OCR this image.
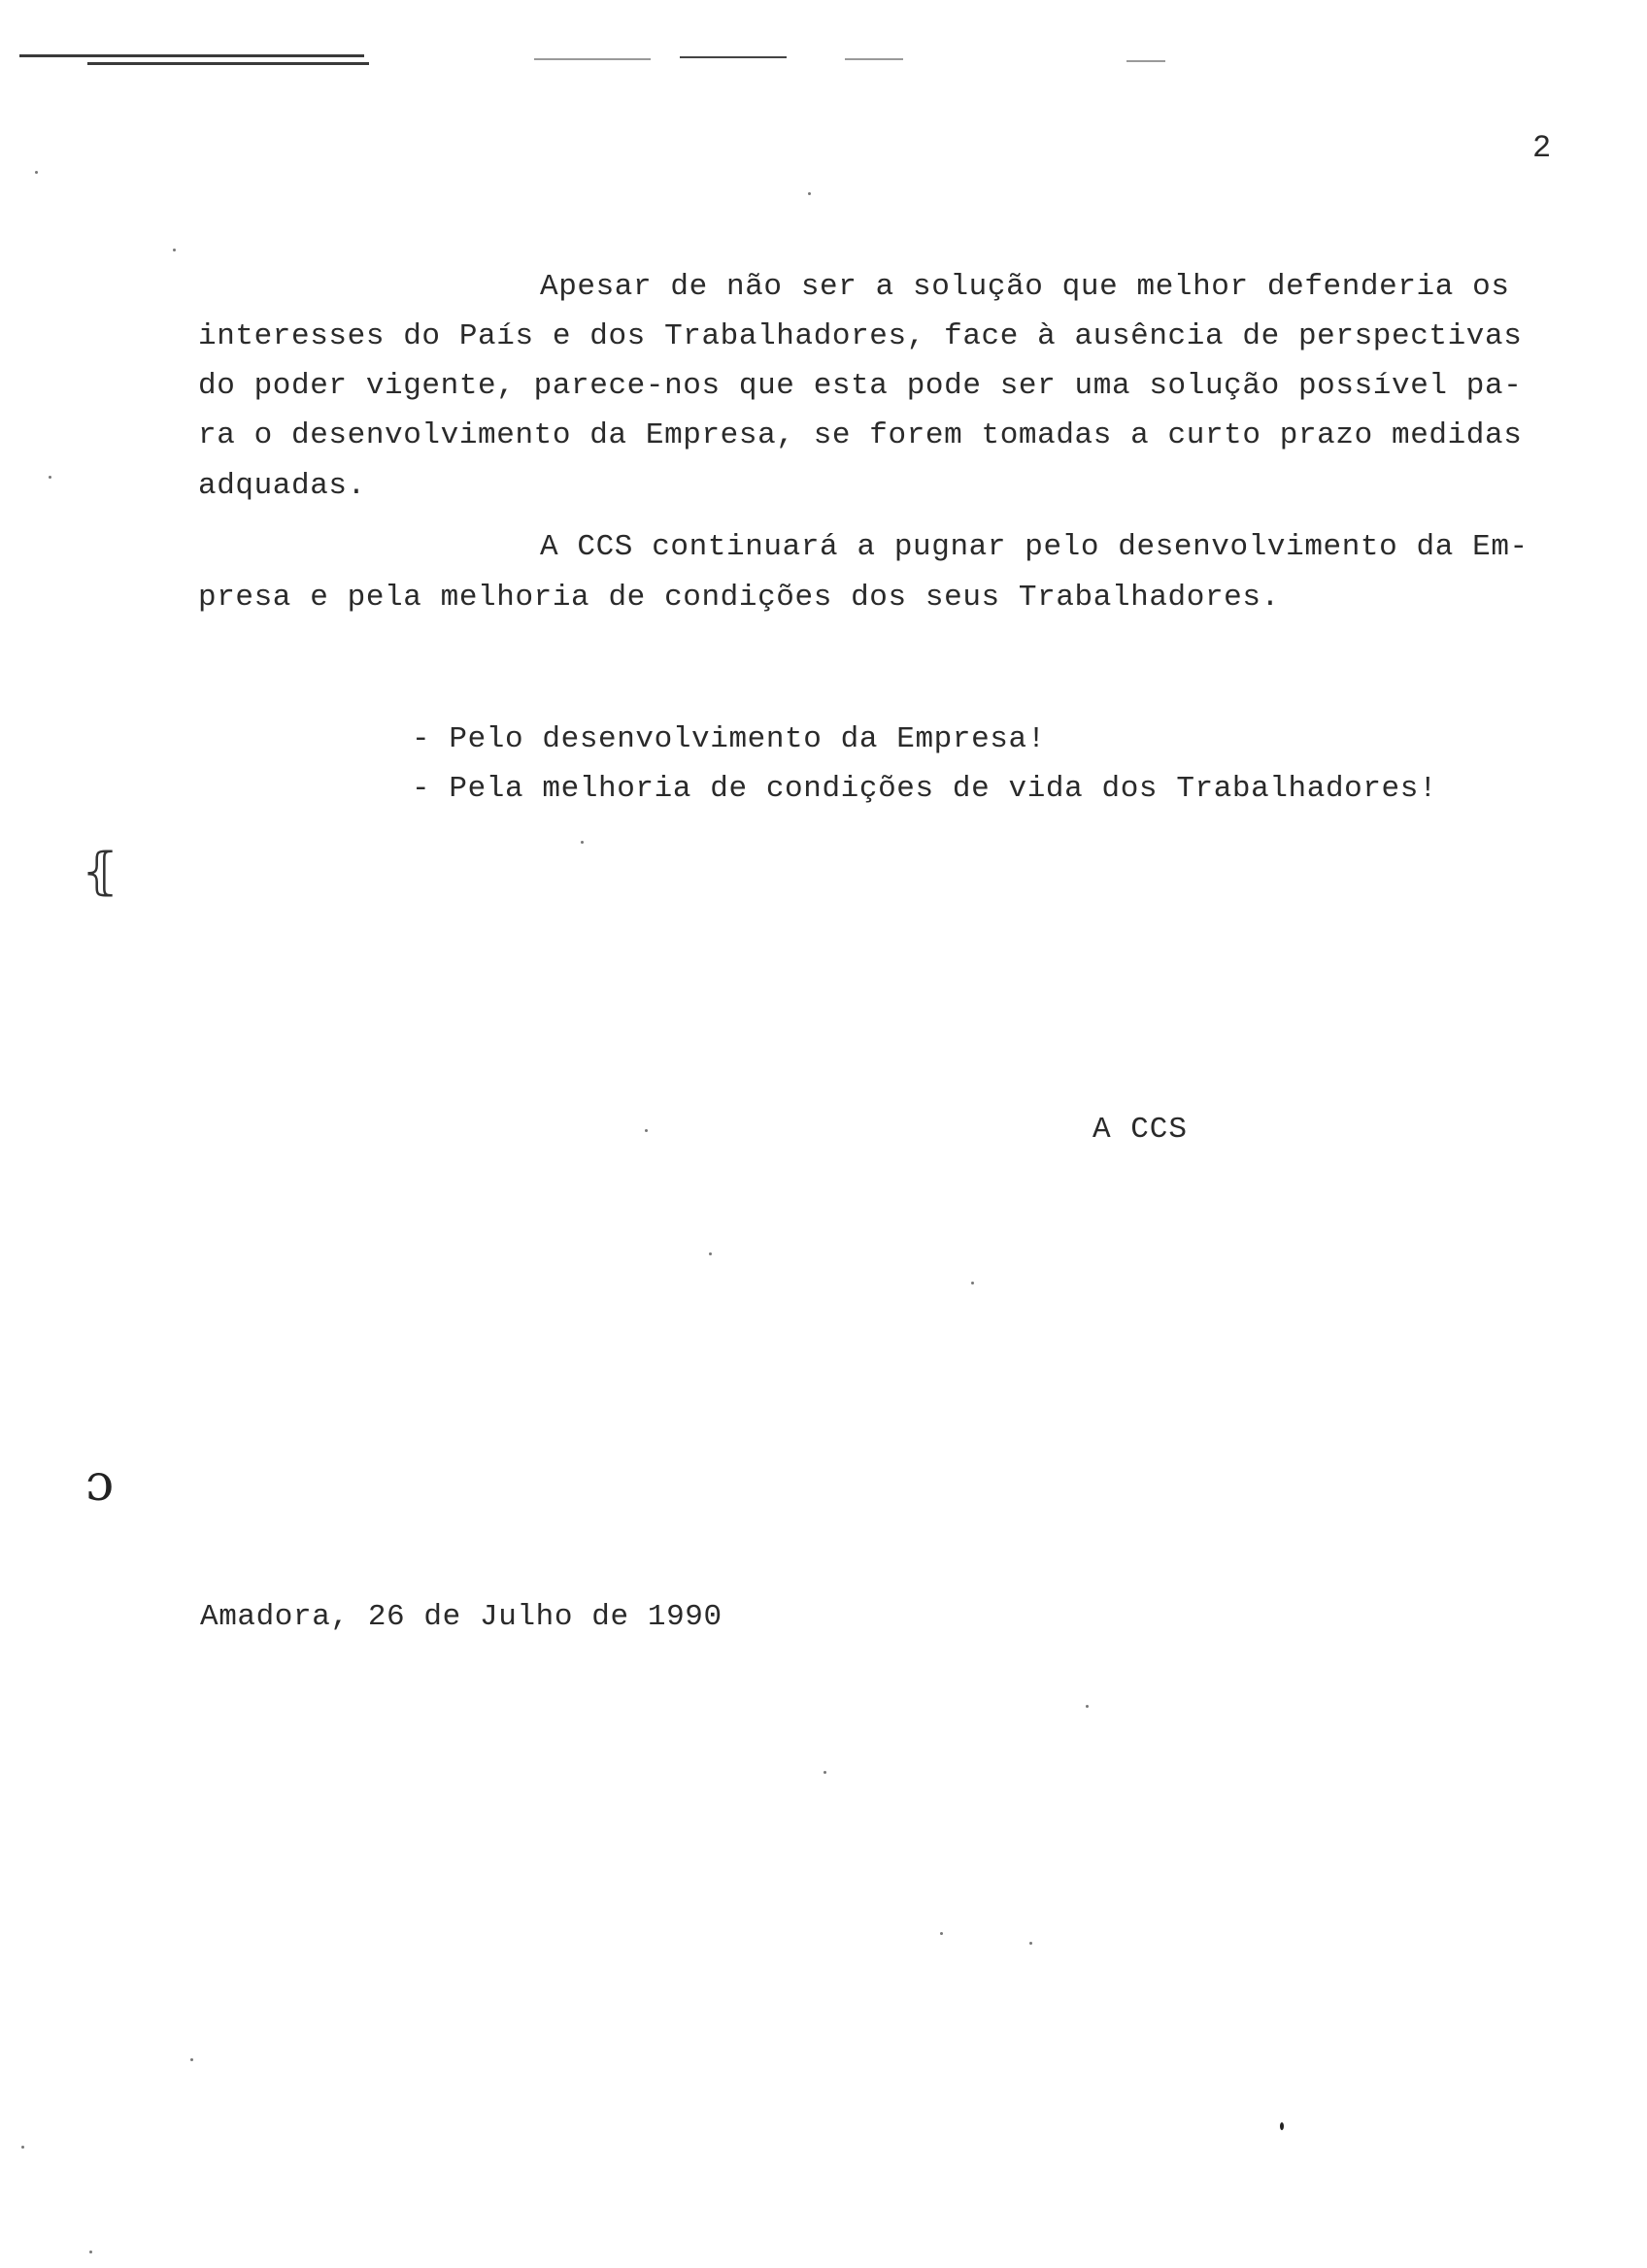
⦃
ɔ
2
Apesar de não ser a solução que melhor defenderia os
interesses do País e dos Trabalhadores, face à ausência de perspectivas
do poder vigente, parece-nos que esta pode ser uma solução possível pa-
ra o desenvolvimento da Empresa, se forem tomadas a curto prazo medidas
adquadas.
A CCS continuará a pugnar pelo desenvolvimento da Em-
presa e pela melhoria de condições dos seus Trabalhadores.
- Pelo desenvolvimento da Empresa!
- Pela melhoria de condições de vida dos Trabalhadores!
A CCS
Amadora, 26 de Julho de 1990
